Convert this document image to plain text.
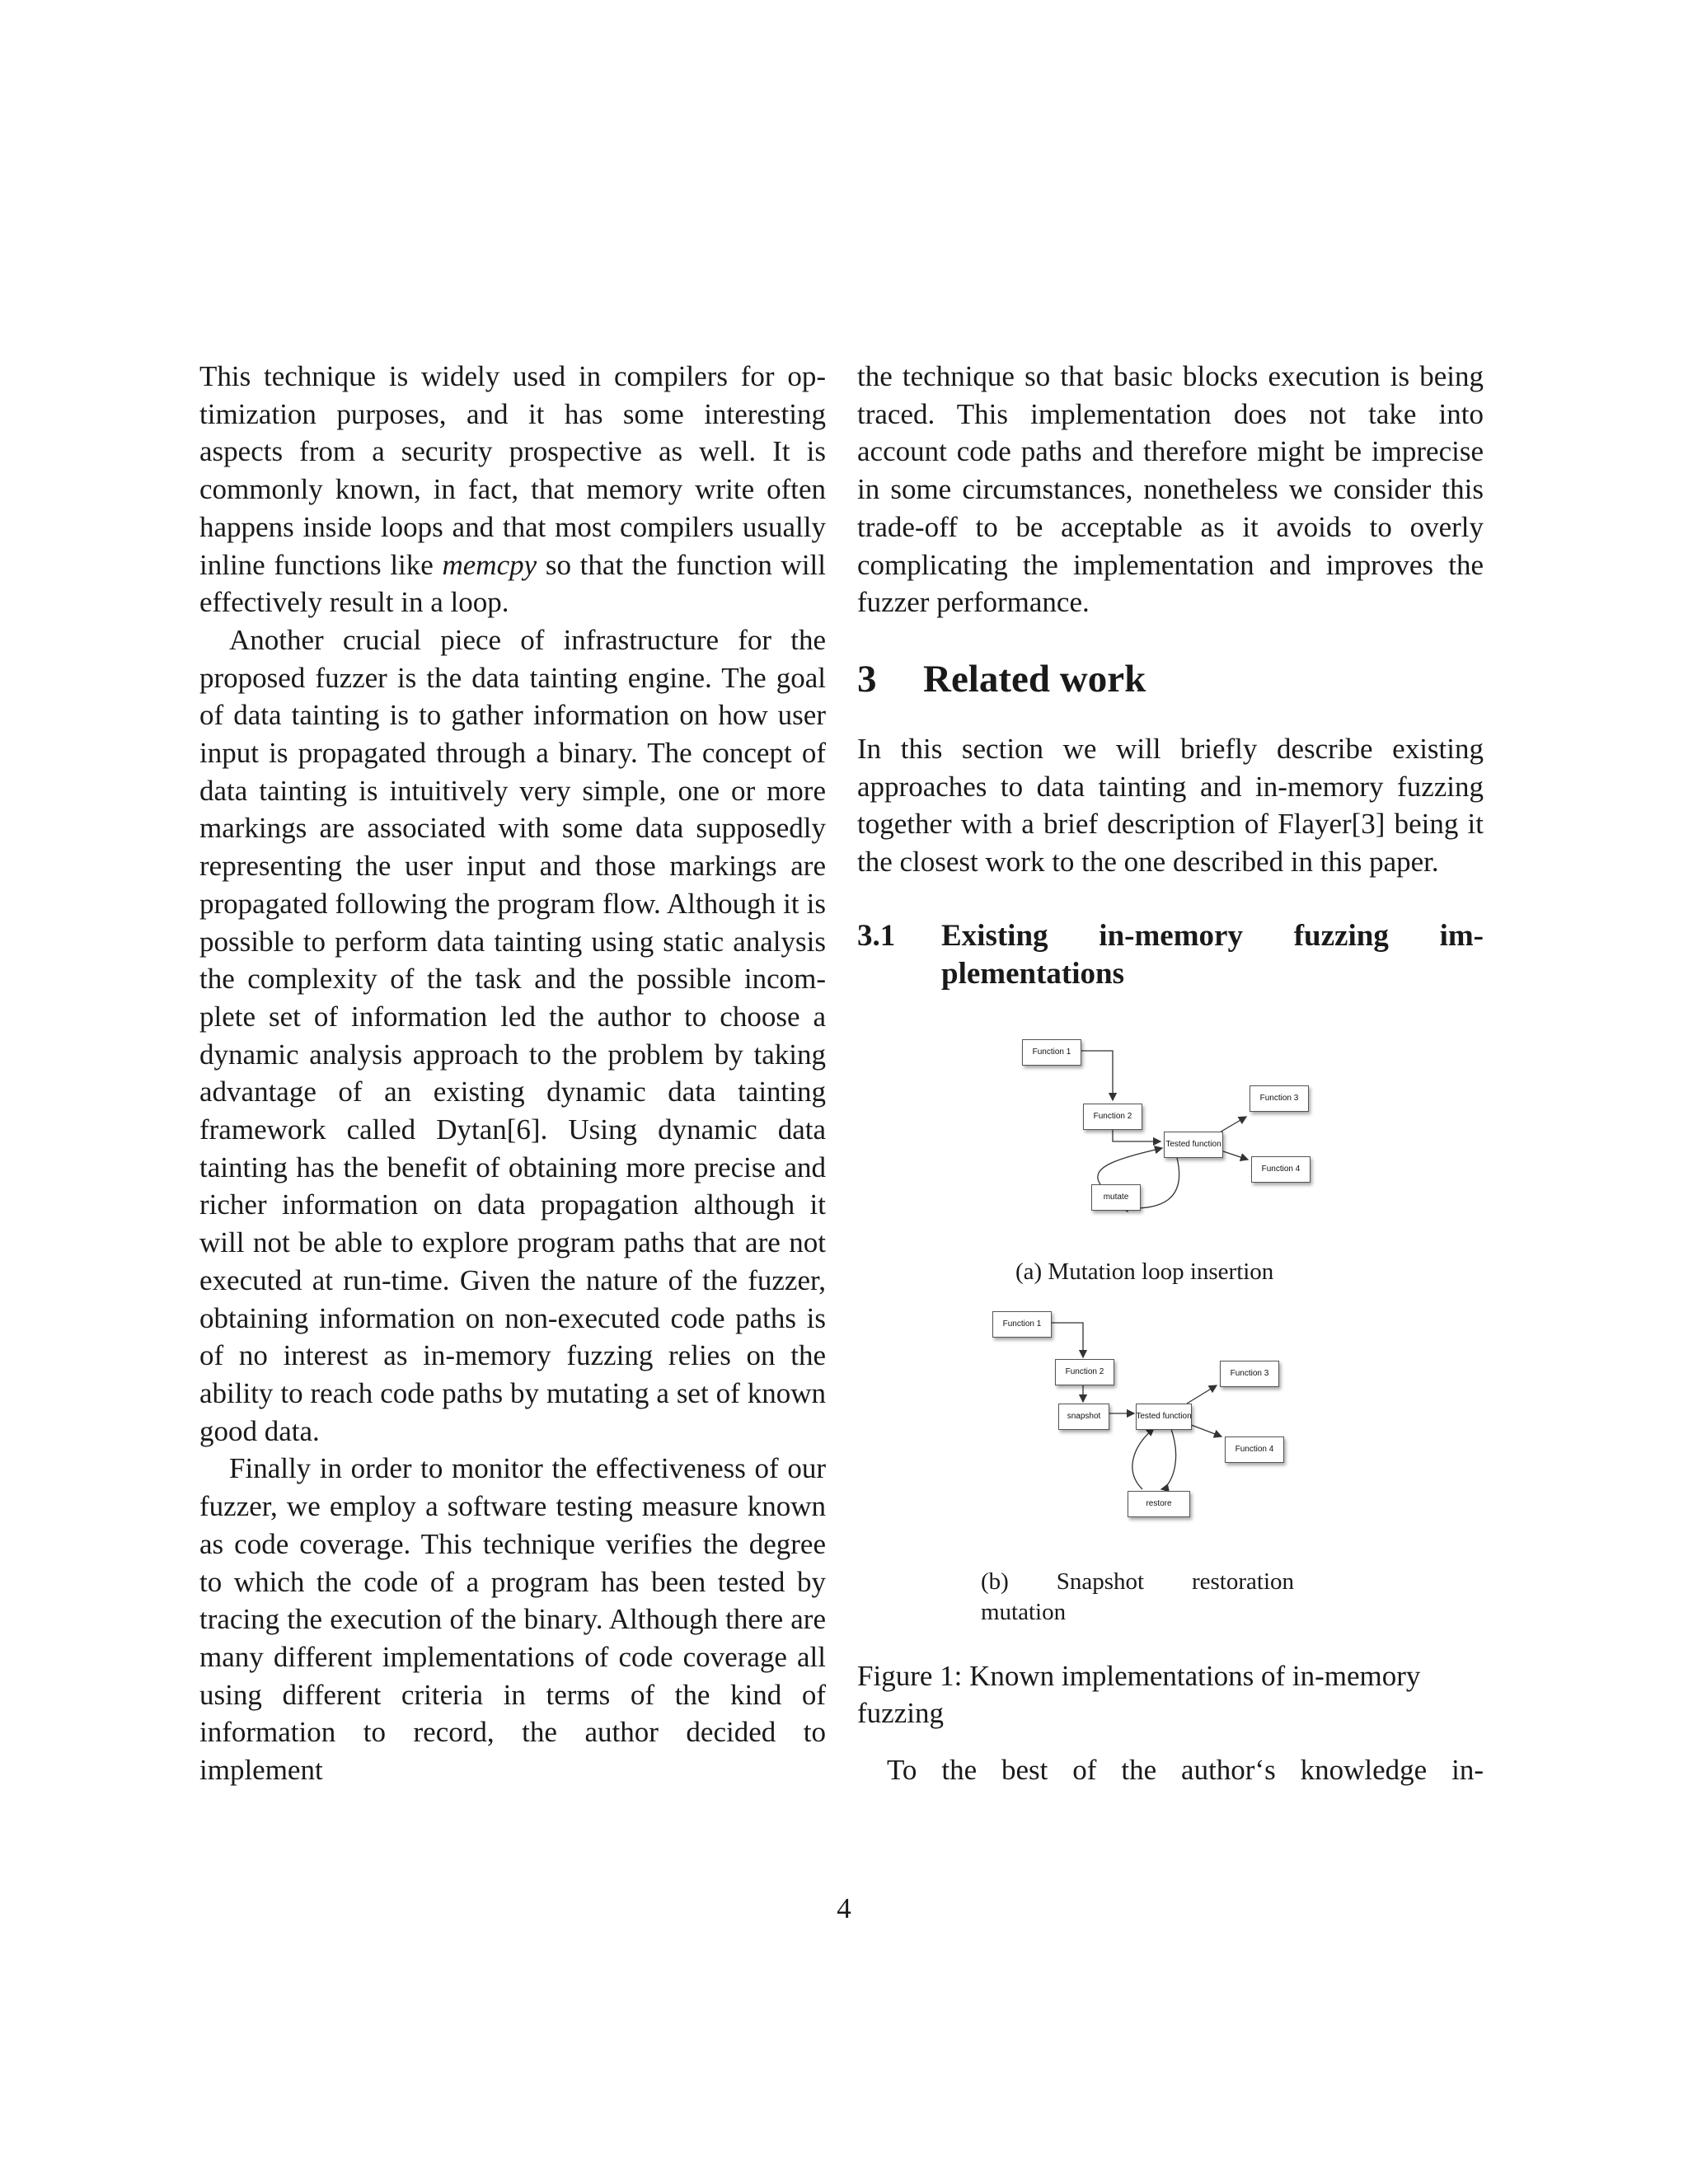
This technique is widely used in compilers for optimization purposes, and it has some interesting aspects from a security prospective as well. It is commonly known, in fact, that memory write often happens inside loops and that most compilers usually inline functions like memcpy so that the function will effectively result in a loop.

Another crucial piece of infrastructure for the proposed fuzzer is the data tainting engine. The goal of data tainting is to gather information on how user input is propagated through a binary. The concept of data tainting is intuitively very simple, one or more markings are associated with some data supposedly representing the user input and those markings are propagated following the program flow. Although it is possible to perform data tainting using static analysis the complexity of the task and the possible incomplete set of information led the author to choose a dynamic analysis approach to the problem by taking advantage of an existing dynamic data tainting framework called Dytan[6]. Using dynamic data tainting has the benefit of obtaining more precise and richer information on data propagation although it will not be able to explore program paths that are not executed at run-time. Given the nature of the fuzzer, obtaining information on non-executed code paths is of no interest as in-memory fuzzing relies on the ability to reach code paths by mutating a set of known good data.

Finally in order to monitor the effectiveness of our fuzzer, we employ a software testing measure known as code coverage. This technique verifies the degree to which the code of a program has been tested by tracing the execution of the binary. Although there are many different implementations of code coverage all using different criteria in terms of the kind of information to record, the author decided to implement

the technique so that basic blocks execution is being traced. This implementation does not take into account code paths and therefore might be imprecise in some circumstances, nonetheless we consider this trade-off to be acceptable as it avoids to overly complicating the implementation and improves the fuzzer performance.

3	Related work

In this section we will briefly describe existing approaches to data tainting and in-memory fuzzing together with a brief description of Flayer[3] being it the closest work to the one described in this paper.

3.1	Existing in-memory fuzzing im-
plementations
Function 1
Function 2
Function 3
Tested function
Function 4
mutate
(a) Mutation loop insertion
Function 1
Function 2	Function 3
snapshot	Tested function
Function 4
restore
(b) Snapshot restoration
mutation
Figure 1: Known implementations of in-memory fuzzing

To the best of the author‘s knowledge in-

4
